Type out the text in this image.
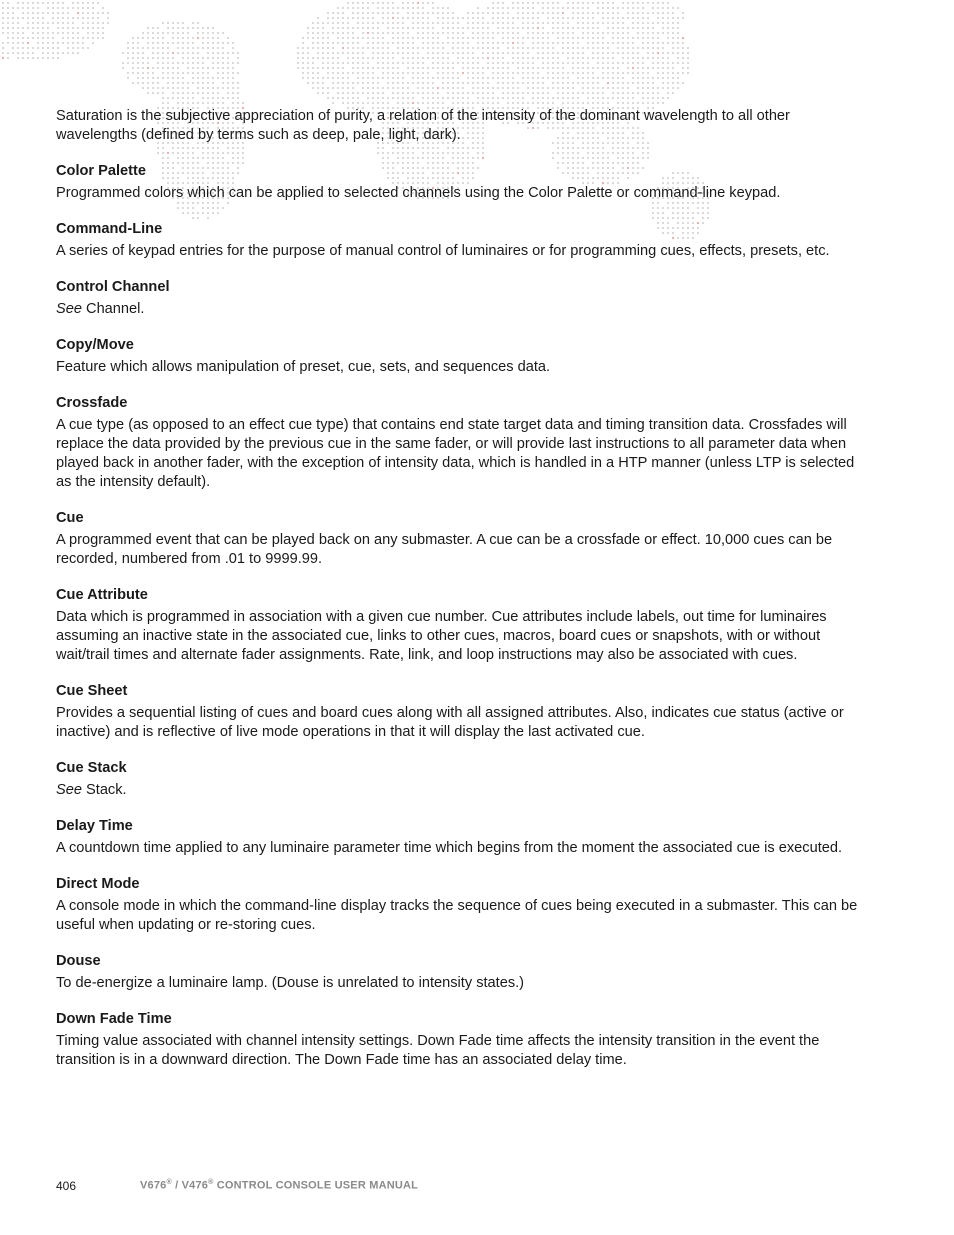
Saturation is the subjective appreciation of purity, a relation of the intensity of the dominant wavelength to all other wavelengths (defined by terms such as deep, pale, light, dark).

Color Palette

Programmed colors which can be applied to selected channels using the Color Palette or command-line keypad.

Command-Line

A series of keypad entries for the purpose of manual control of luminaires or for programming cues, effects, presets, etc.

Control Channel

See Channel.

Copy/Move

Feature which allows manipulation of preset, cue, sets, and sequences data.

Crossfade

A cue type (as opposed to an effect cue type) that contains end state target data and timing transition data. Crossfades will replace the data provided by the previous cue in the same fader, or will provide last instructions to all parameter data when played back in another fader, with the exception of intensity data, which is handled in a HTP manner (unless LTP is selected as the intensity default).

Cue

A programmed event that can be played back on any submaster. A cue can be a crossfade or effect. 10,000 cues can be recorded, numbered from .01 to 9999.99.

Cue Attribute

Data which is programmed in association with a given cue number. Cue attributes include labels, out time for luminaires assuming an inactive state in the associated cue, links to other cues, macros, board cues or snapshots, with or without wait/trail times and alternate fader assignments. Rate, link, and loop instructions may also be associated with cues.

Cue Sheet

Provides a sequential listing of cues and board cues along with all assigned attributes. Also, indicates cue status (active or inactive) and is reflective of live mode operations in that it will display the last activated cue.

Cue Stack

See Stack.

Delay Time

A countdown time applied to any luminaire parameter time which begins from the moment the associated cue is executed.

Direct Mode

A console mode in which the command-line display tracks the sequence of cues being executed in a submaster. This can be useful when updating or re-storing cues.

Douse

To de-energize a luminaire lamp. (Douse is unrelated to intensity states.)

Down Fade Time

Timing value associated with channel intensity settings. Down Fade time affects the intensity transition in the event the transition is in a downward direction. The Down Fade time has an associated delay time.

406	V676® / V476® CONTROL CONSOLE USER MANUAL
